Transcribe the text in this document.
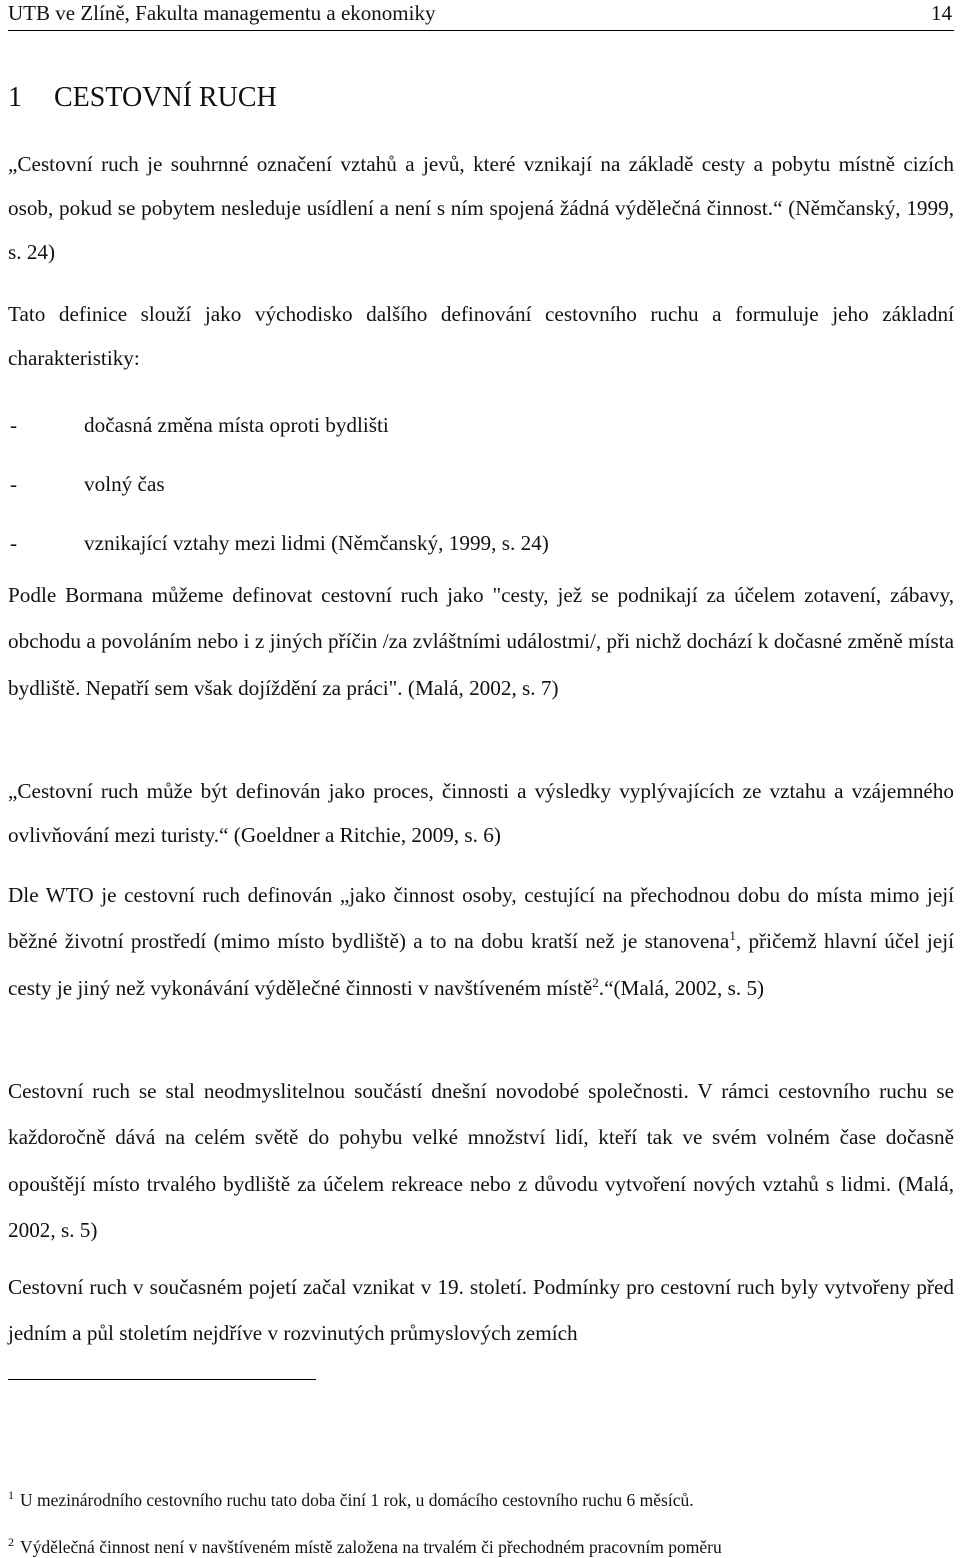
UTB ve Zlíně, Fakulta managementu a ekonomiky	14
1 CESTOVNÍ RUCH

„Cestovní ruch je souhrnné označení vztahů a jevů, které vznikají na základě cesty a pobytu místně cizích osob, pokud se pobytem nesleduje usídlení a není s ním spojená žádná výdělečná činnost.“ (Němčanský, 1999, s. 24)

Tato definice slouží jako východisko dalšího definování cestovního ruchu a formuluje jeho základní charakteristiky:

-	dočasná změna místa oproti bydlišti
-	volný čas
-	vznikající vztahy mezi lidmi (Němčanský, 1999, s. 24)

Podle Bormana můžeme definovat cestovní ruch jako "cesty, jež se podnikají za účelem zotavení, zábavy, obchodu a povoláním nebo i z jiných příčin /za zvláštními událostmi/, při nichž dochází k dočasné změně místa bydliště. Nepatří sem však dojíždění za práci". (Malá, 2002, s. 7)

„Cestovní ruch může být definován jako proces, činnosti a výsledky vyplývajících ze vztahu a vzájemného ovlivňování mezi turisty.“ (Goeldner a Ritchie, 2009, s. 6)

Dle WTO je cestovní ruch definován „jako činnost osoby, cestující na přechodnou dobu do místa mimo její běžné životní prostředí (mimo místo bydliště) a to na dobu kratší než je stanovena$^1$, přičemž hlavní účel její cesty je jiný než vykonávání výdělečné činnosti v navštíveném místě$^2$.“(Malá, 2002, s. 5)

Cestovní ruch se stal neodmyslitelnou součástí dnešní novodobé společnosti. V rámci cestovního ruchu se každoročně dává na celém světě do pohybu velké množství lidí, kteří tak ve svém volném čase dočasně opouštějí místo trvalého bydliště za účelem rekreace nebo z důvodu vytvoření nových vztahů s lidmi. (Malá, 2002, s. 5)

Cestovní ruch v současném pojetí začal vznikat v 19. století. Podmínky pro cestovní ruch byly vytvořeny před jedním a půl stoletím nejdříve v rozvinutých průmyslových zemích

$^1$ U mezinárodního cestovního ruchu tato doba činí 1 rok, u domácího cestovního ruchu 6 měsíců.
$^2$ Výdělečná činnost není v navštíveném místě založena na trvalém či přechodném pracovním poměru
